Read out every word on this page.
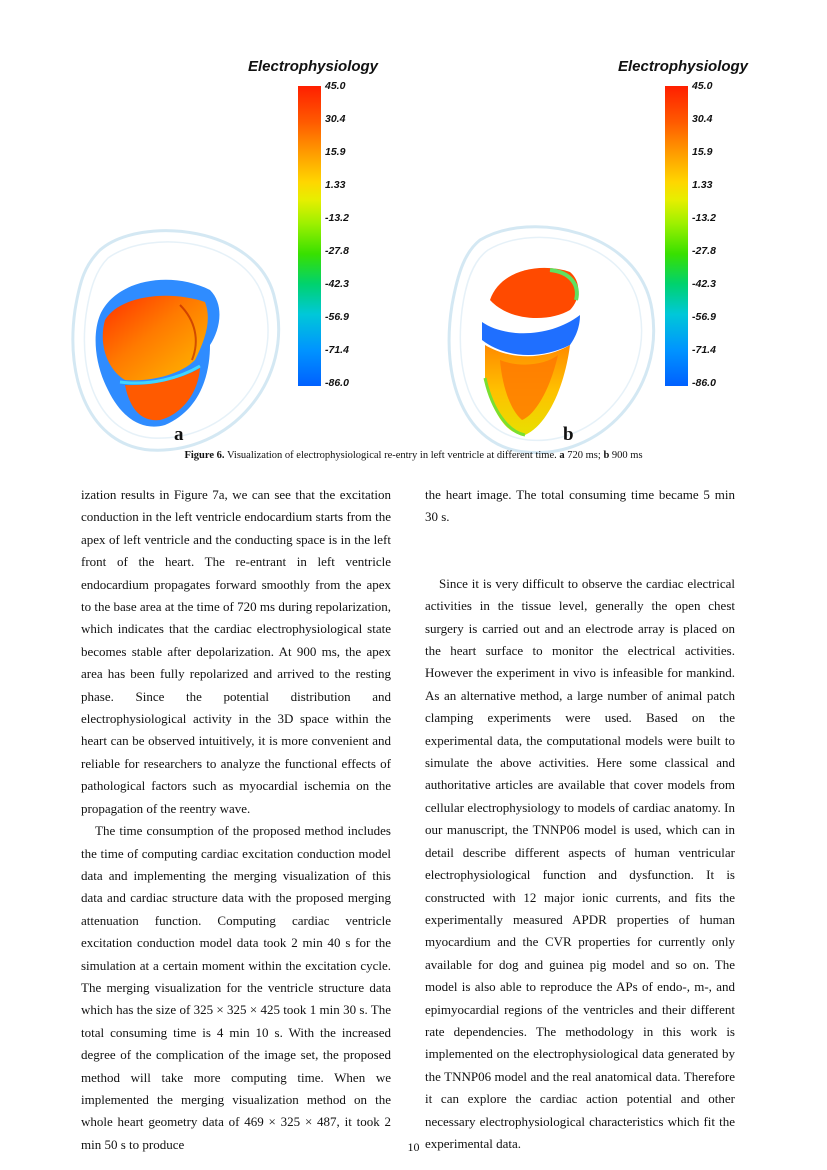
Electrophysiology
45.0
30.4
15.9
1.33
-13.2
-27.8
-42.3
-56.9
-71.4
-86.0
a
Electrophysiology
45.0
30.4
15.9
1.33
-13.2
-27.8
-42.3
-56.9
-71.4
-86.0
b
Figure 6. Visualization of electrophysiological re-entry in left ventricle at different time. a 720 ms; b 900 ms

ization results in Figure 7a, we can see that the excitation conduction in the left ventricle endocardium starts from the apex of left ventricle and the conducting space is in the left front of the heart. The re-entrant in left ventricle endocardium propagates forward smoothly from the apex to the base area at the time of 720 ms during repolarization, which indicates that the cardiac electrophysiological state becomes stable after depolarization. At 900 ms, the apex area has been fully repolarized and arrived to the resting phase. Since the potential distribution and electrophysiological activity in the 3D space within the heart can be observed intuitively, it is more convenient and reliable for researchers to analyze the functional effects of pathological factors such as myocardial ischemia on the propagation of the reentry wave.

The time consumption of the proposed method includes the time of computing cardiac excitation conduction model data and implementing the merging visualization of this data and cardiac structure data with the proposed merging attenuation function. Computing cardiac ventricle excitation conduction model data took 2 min 40 s for the simulation at a certain moment within the excitation cycle. The merging visualization for the ventricle structure data which has the size of 325 × 325 × 425 took 1 min 30 s. The total consuming time is 4 min 10 s. With the increased degree of the complication of the image set, the proposed method will take more computing time. When we implemented the merging visualization method on the whole heart geometry data of 469 × 325 × 487, it took 2 min 50 s to produce

the heart image. The total consuming time became 5 min 30 s.

Since it is very difficult to observe the cardiac electrical activities in the tissue level, generally the open chest surgery is carried out and an electrode array is placed on the heart surface to monitor the electrical activities. However the experiment in vivo is infeasible for mankind. As an alternative method, a large number of animal patch clamping experiments were used. Based on the experimental data, the computational models were built to simulate the above activities. Here some classical and authoritative articles are available that cover models from cellular electrophysiology to models of cardiac anatomy. In our manuscript, the TNNP06 model is used, which can in detail describe different aspects of human ventricular electrophysiological function and dysfunction. It is constructed with 12 major ionic currents, and fits the experimentally measured APDR properties of human myocardium and the CVR properties for currently only available for dog and guinea pig model and so on. The model is also able to reproduce the APs of endo-, m-, and epimyocardial regions of the ventricles and their different rate dependencies. The methodology in this work is implemented on the electrophysiological data generated by the TNNP06 model and the real anatomical data. Therefore it can explore the cardiac action potential and other necessary electrophysiological characteristics which fit the experimental data.

10
